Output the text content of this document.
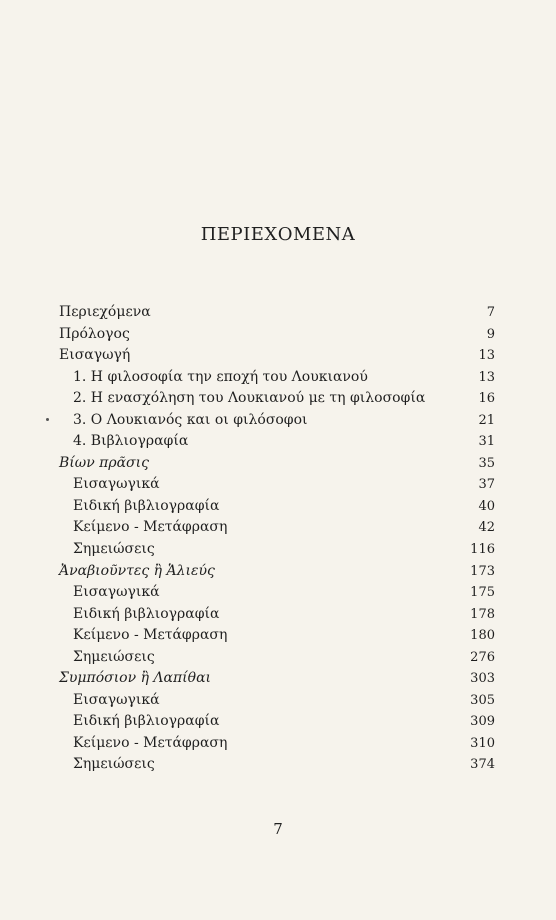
ΠΕΡΙΕΧΟΜΕΝΑ
Περιεχόμενα	7
Πρόλογος	9
Εισαγωγή	13
1. Η φιλοσοφία την εποχή του Λουκιανού	13
2. Η ενασχόληση του Λουκιανού με τη φιλοσοφία	16
3. Ο Λουκιανός και οι φιλόσοφοι	21
4. Βιβλιογραφία	31
Βίων πρᾶσις	35
Εισαγωγικά	37
Ειδική βιβλιογραφία	40
Κείμενο - Μετάφραση	42
Σημειώσεις	116
Ἀναβιοῦντες ἢ Ἁλιεύς	173
Εισαγωγικά	175
Ειδική βιβλιογραφία	178
Κείμενο - Μετάφραση	180
Σημειώσεις	276
Συμπόσιον ἢ Λαπίθαι	303
Εισαγωγικά	305
Ειδική βιβλιογραφία	309
Κείμενο - Μετάφραση	310
Σημειώσεις	374
7
